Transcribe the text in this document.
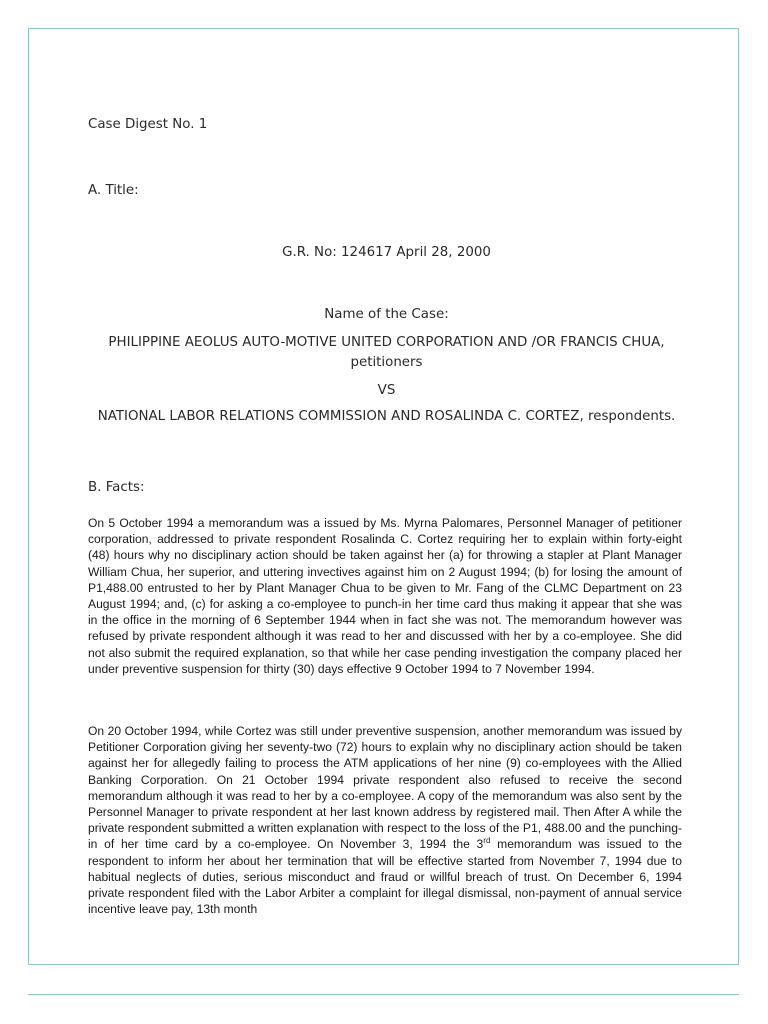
Case Digest No. 1
A. Title:
G.R. No: 124617 April 28, 2000
Name of the Case:
PHILIPPINE AEOLUS AUTO-MOTIVE UNITED CORPORATION AND /OR FRANCIS CHUA, petitioners
VS
NATIONAL LABOR RELATIONS COMMISSION AND ROSALINDA C. CORTEZ, respondents.
B. Facts:

On 5 October 1994 a memorandum was a issued by Ms. Myrna Palomares, Personnel Manager of petitioner corporation, addressed to private respondent Rosalinda C. Cortez requiring her to explain within forty-eight (48) hours why no disciplinary action should be taken against her (a) for throwing a stapler at Plant Manager William Chua, her superior, and uttering invectives against him on 2 August 1994; (b) for losing the amount of P1,488.00 entrusted to her by Plant Manager Chua to be given to Mr. Fang of the CLMC Department on 23 August 1994; and, (c) for asking a co-employee to punch-in her time card thus making it appear that she was in the office in the morning of 6 September 1944 when in fact she was not. The memorandum however was refused by private respondent although it was read to her and discussed with her by a co-employee. She did not also submit the required explanation, so that while her case pending investigation the company placed her under preventive suspension for thirty (30) days effective 9 October 1994 to 7 November 1994.

On 20 October 1994, while Cortez was still under preventive suspension, another memorandum was issued by Petitioner Corporation giving her seventy-two (72) hours to explain why no disciplinary action should be taken against her for allegedly failing to process the ATM applications of her nine (9) co-employees with the Allied Banking Corporation. On 21 October 1994 private respondent also refused to receive the second memorandum although it was read to her by a co-employee. A copy of the memorandum was also sent by the Personnel Manager to private respondent at her last known address by registered mail. Then After A while the private respondent submitted a written explanation with respect to the loss of the P1, 488.00 and the punching-in of her time card by a co-employee. On November 3, 1994 the 3rd memorandum was issued to the respondent to inform her about her termination that will be effective started from November 7, 1994 due to habitual neglects of duties, serious misconduct and fraud or willful breach of trust. On December 6, 1994 private respondent filed with the Labor Arbiter a complaint for illegal dismissal, non-payment of annual service incentive leave pay, 13th month
